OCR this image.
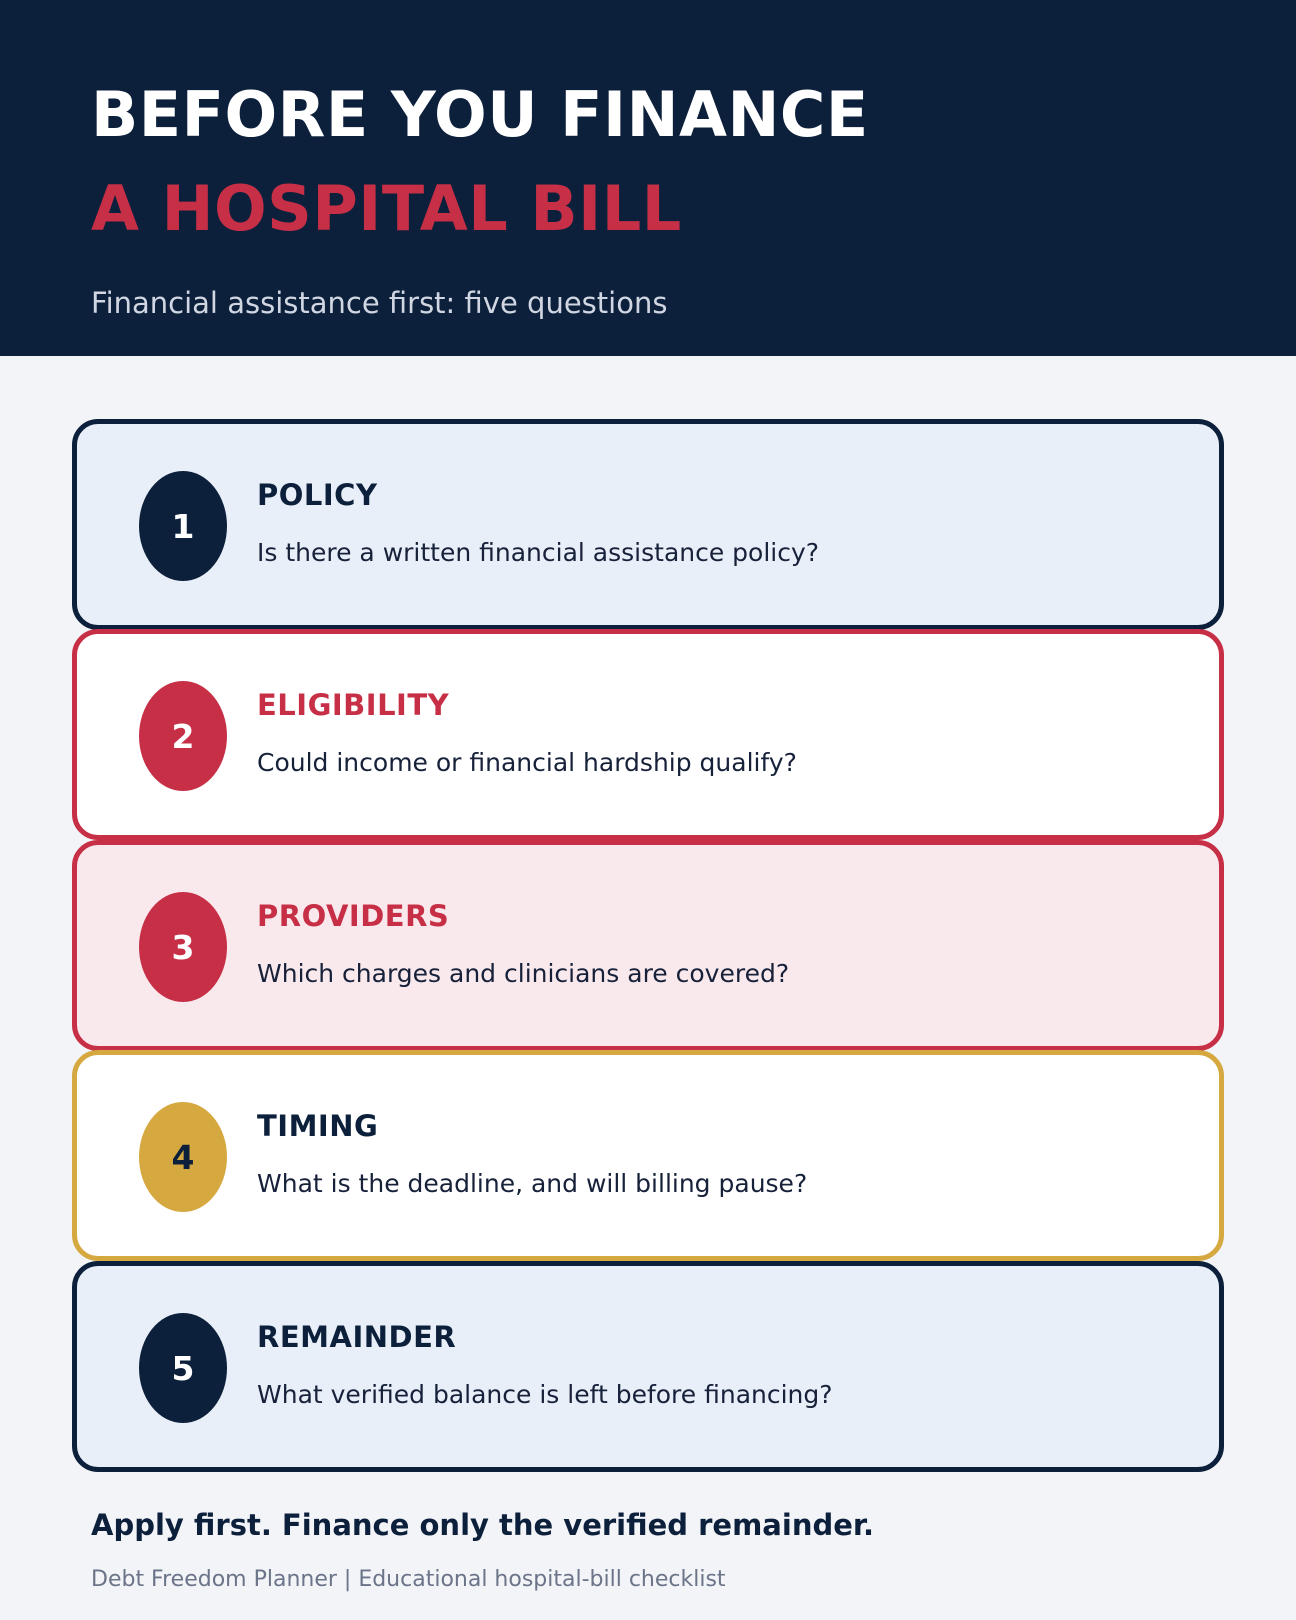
BEFORE YOU FINANCE
A HOSPITAL BILL
Financial assistance first: five questions
1
POLICY
Is there a written financial assistance policy?
2
ELIGIBILITY
Could income or financial hardship qualify?
3
PROVIDERS
Which charges and clinicians are covered?
4
TIMING
What is the deadline, and will billing pause?
5
REMAINDER
What verified balance is left before financing?
Apply first. Finance only the verified remainder.
Debt Freedom Planner | Educational hospital-bill checklist
